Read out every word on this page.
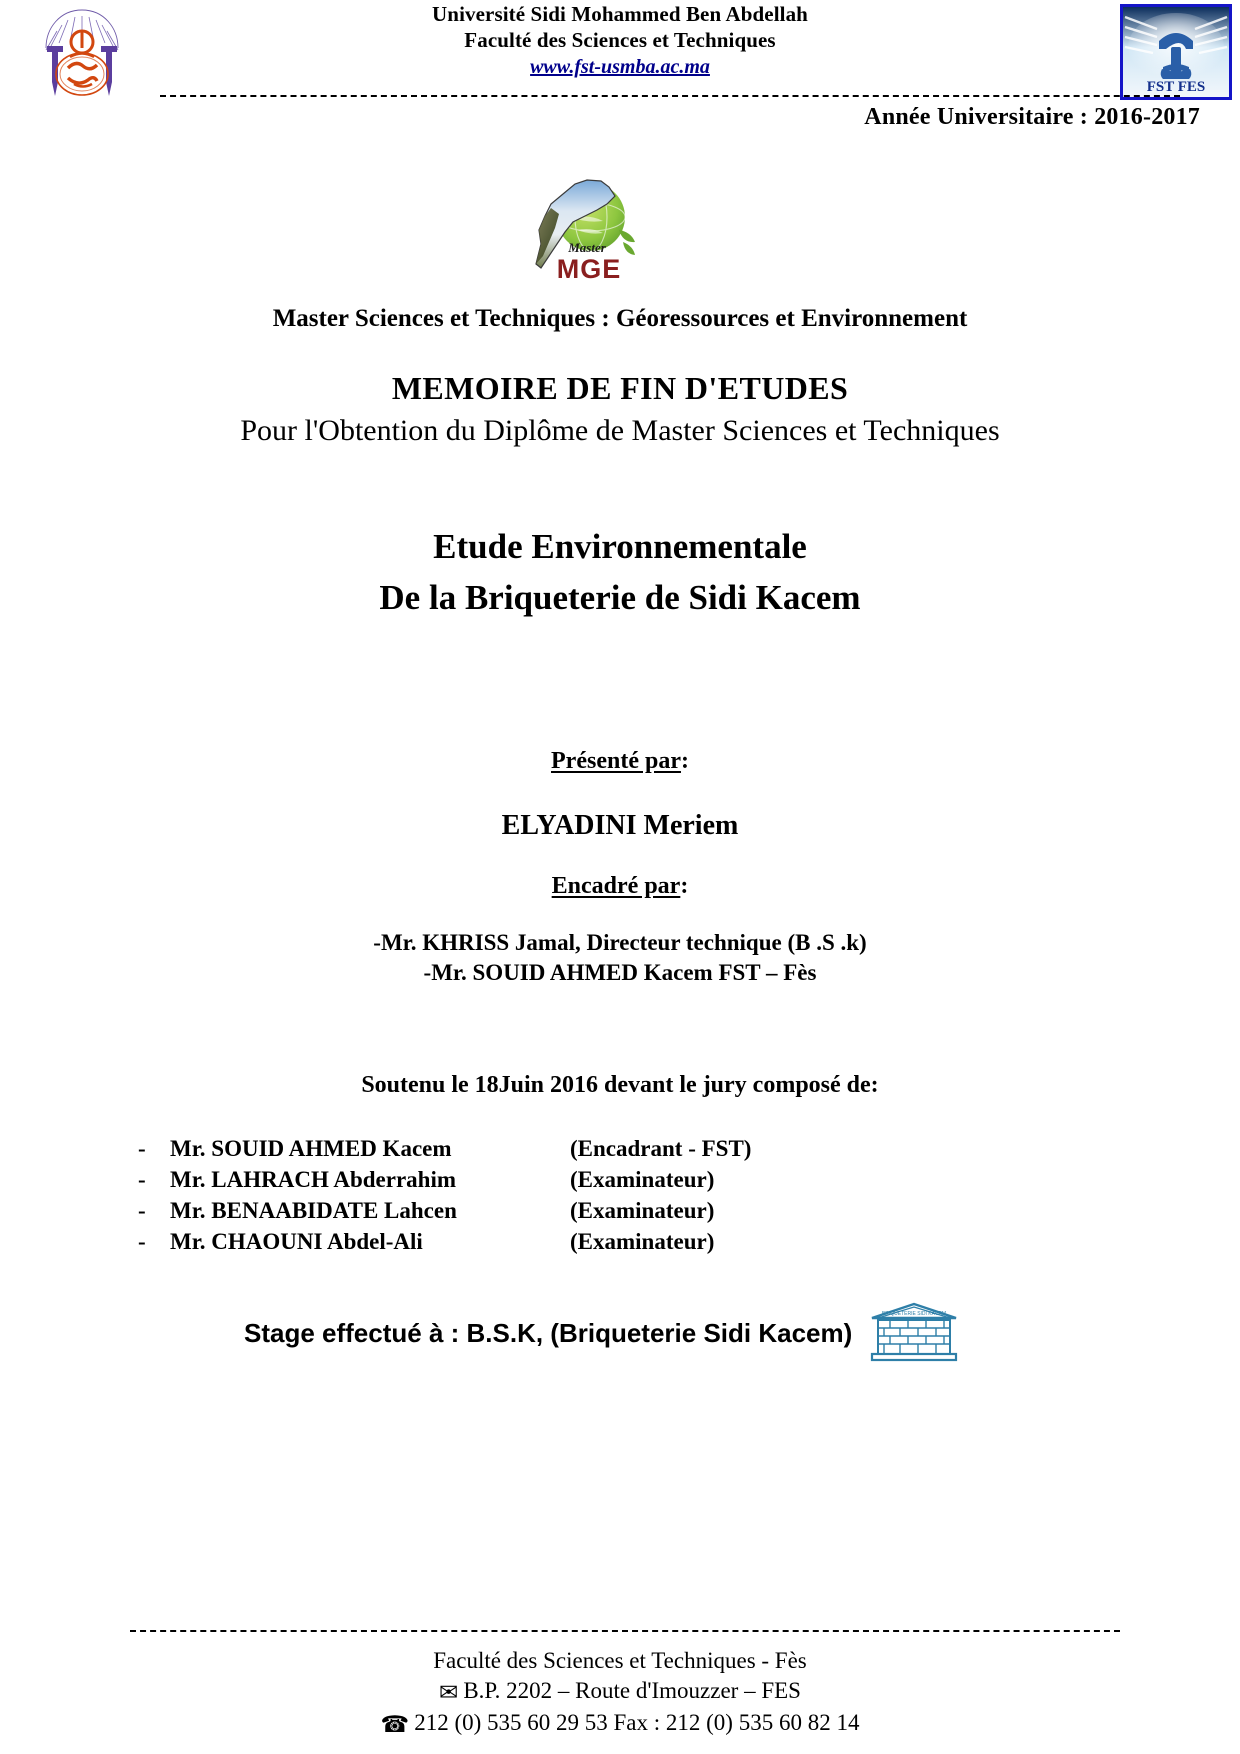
Université Sidi Mohammed Ben Abdellah
Faculté des Sciences et Techniques
www.fst-usmba.ac.ma
FST FES
Année Universitaire : 2016-2017
Master
MGE
Master Sciences et Techniques : Géoressources et Environnement
MEMOIRE DE FIN D'ETUDES
Pour l'Obtention du Diplôme de Master Sciences et Techniques
Etude Environnementale
De la Briqueterie de Sidi Kacem
Présenté par:
ELYADINI Meriem
Encadré par:
-Mr. KHRISS Jamal, Directeur technique (B .S .k)
-Mr. SOUID AHMED Kacem FST – Fès
Soutenu le 18Juin 2016 devant le jury composé de:
-	Mr. SOUID AHMED Kacem	(Encadrant - FST)
-	Mr. LAHRACH Abderrahim	(Examinateur)
-	Mr. BENAABIDATE Lahcen	(Examinateur)
-	Mr. CHAOUNI Abdel-Ali	(Examinateur)
Stage effectué à : B.S.K, (Briqueterie Sidi Kacem)
BRIQUETERIE SIDI KACEM
Faculté des Sciences et Techniques - Fès
✉ B.P. 2202 – Route d'Imouzzer – FES
☎ 212 (0) 535 60 29 53 Fax : 212 (0) 535 60 82 14
